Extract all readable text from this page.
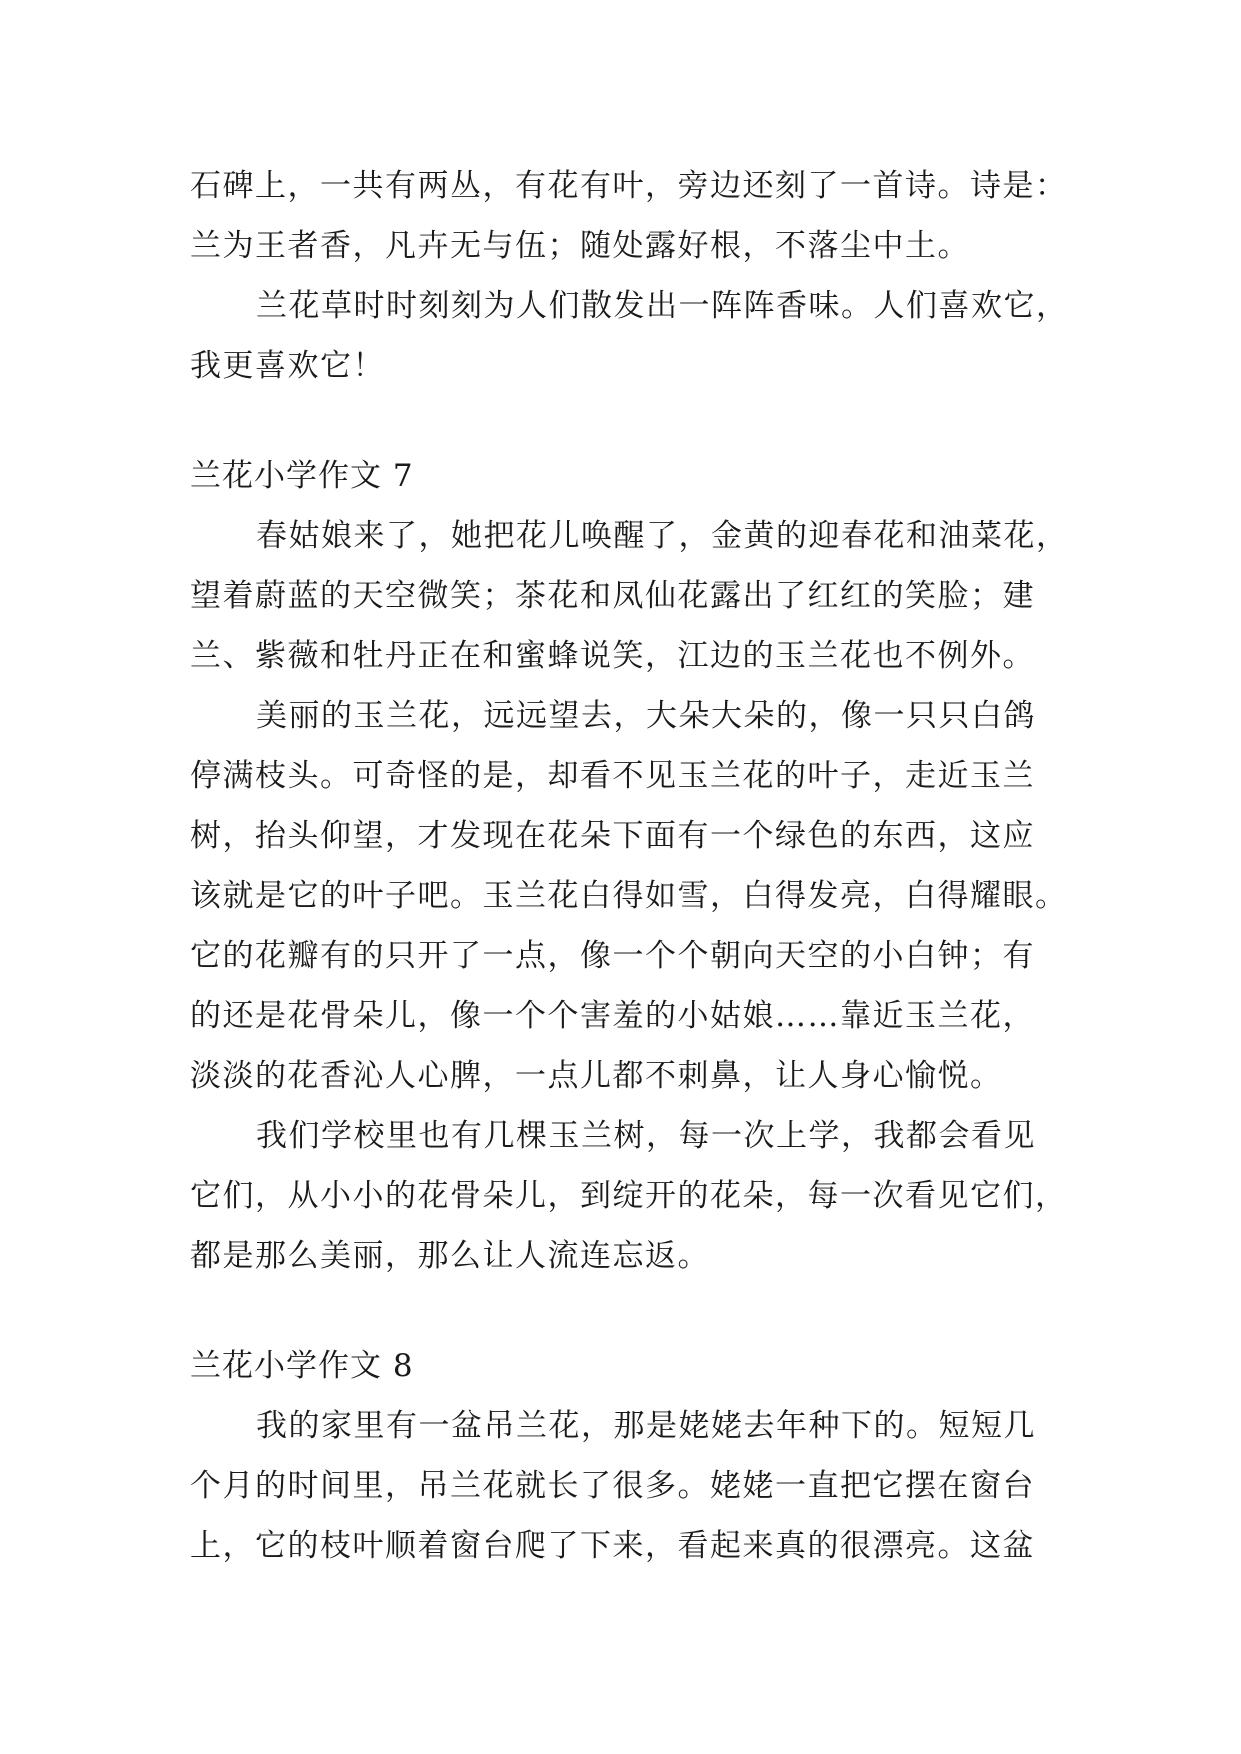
石碑上，一共有两丛，有花有叶，旁边还刻了一首诗。诗是：

兰为王者香，凡卉无与伍；随处露好根，不落尘中土。

兰花草时时刻刻为人们散发出一阵阵香味。人们喜欢它，

我更喜欢它！

兰花小学作文 7

春姑娘来了，她把花儿唤醒了，金黄的迎春花和油菜花，

望着蔚蓝的天空微笑；茶花和凤仙花露出了红红的笑脸；建

兰、紫薇和牡丹正在和蜜蜂说笑，江边的玉兰花也不例外。

美丽的玉兰花，远远望去，大朵大朵的，像一只只白鸽

停满枝头。可奇怪的是，却看不见玉兰花的叶子，走近玉兰

树，抬头仰望，才发现在花朵下面有一个绿色的东西，这应

该就是它的叶子吧。玉兰花白得如雪，白得发亮，白得耀眼。

它的花瓣有的只开了一点，像一个个朝向天空的小白钟；有

的还是花骨朵儿，像一个个害羞的小姑娘……靠近玉兰花，

淡淡的花香沁人心脾，一点儿都不刺鼻，让人身心愉悦。

我们学校里也有几棵玉兰树，每一次上学，我都会看见

它们，从小小的花骨朵儿，到绽开的花朵，每一次看见它们，

都是那么美丽，那么让人流连忘返。

兰花小学作文 8

我的家里有一盆吊兰花，那是姥姥去年种下的。短短几

个月的时间里，吊兰花就长了很多。姥姥一直把它摆在窗台

上，它的枝叶顺着窗台爬了下来，看起来真的很漂亮。这盆
